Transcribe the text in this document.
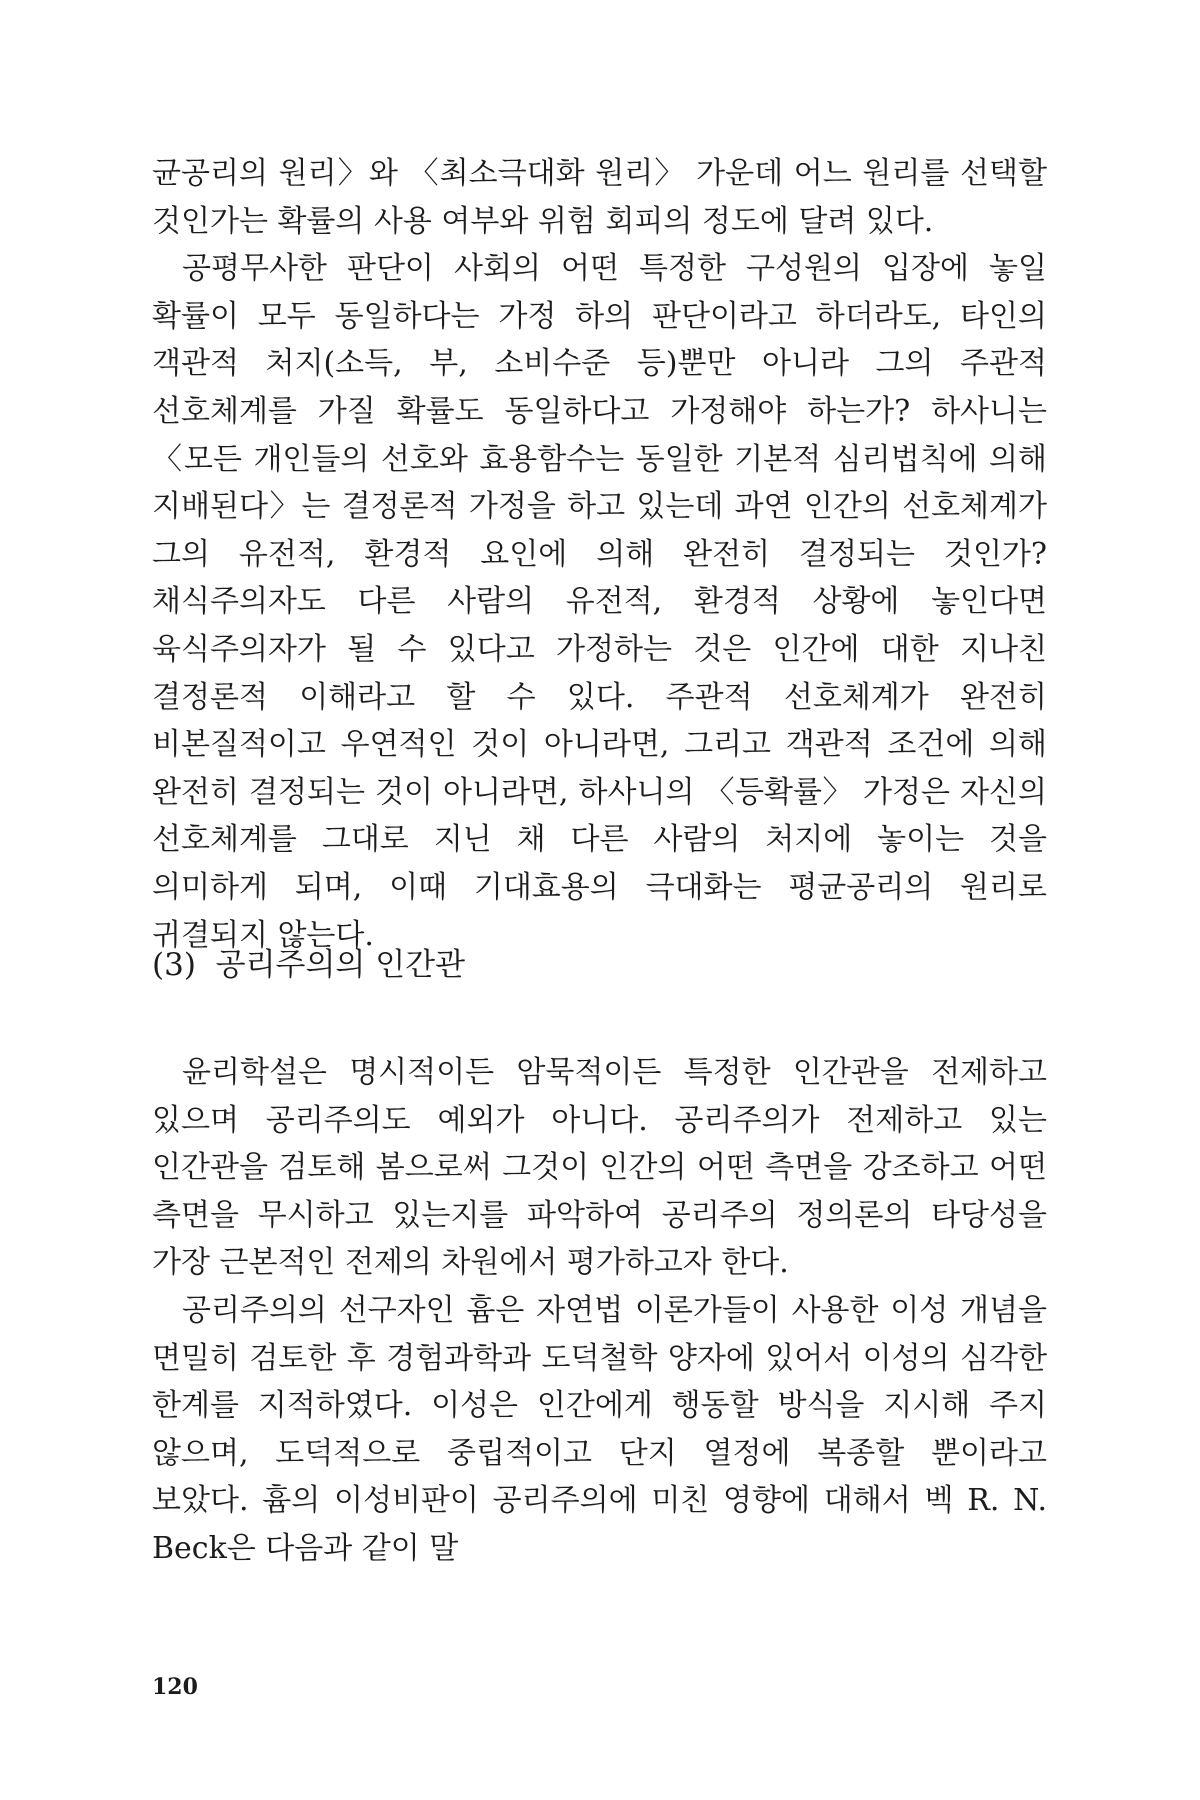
균공리의 원리〉와 〈최소극대화 원리〉 가운데 어느 원리를 선택할 것인가는 확률의 사용 여부와 위험 회피의 정도에 달려 있다.

공평무사한 판단이 사회의 어떤 특정한 구성원의 입장에 놓일 확률이 모두 동일하다는 가정 하의 판단이라고 하더라도, 타인의 객관적 처지(소득, 부, 소비수준 등)뿐만 아니라 그의 주관적 선호체계를 가질 확률도 동일하다고 가정해야 하는가? 하사니는 〈모든 개인들의 선호와 효용함수는 동일한 기본적 심리법칙에 의해 지배된다〉는 결정론적 가정을 하고 있는데 과연 인간의 선호체계가 그의 유전적, 환경적 요인에 의해 완전히 결정되는 것인가? 채식주의자도 다른 사람의 유전적, 환경적 상황에 놓인다면 육식주의자가 될 수 있다고 가정하는 것은 인간에 대한 지나친 결정론적 이해라고 할 수 있다. 주관적 선호체계가 완전히 비본질적이고 우연적인 것이 아니라면, 그리고 객관적 조건에 의해 완전히 결정되는 것이 아니라면, 하사니의 〈등확률〉 가정은 자신의 선호체계를 그대로 지닌 채 다른 사람의 처지에 놓이는 것을 의미하게 되며, 이때 기대효용의 극대화는 평균공리의 원리로 귀결되지 않는다.

(3)  공리주의의 인간관

윤리학설은 명시적이든 암묵적이든 특정한 인간관을 전제하고 있으며 공리주의도 예외가 아니다. 공리주의가 전제하고 있는 인간관을 검토해 봄으로써 그것이 인간의 어떤 측면을 강조하고 어떤 측면을 무시하고 있는지를 파악하여 공리주의 정의론의 타당성을 가장 근본적인 전제의 차원에서 평가하고자 한다.

공리주의의 선구자인 흄은 자연법 이론가들이 사용한 이성 개념을 면밀히 검토한 후 경험과학과 도덕철학 양자에 있어서 이성의 심각한 한계를 지적하였다. 이성은 인간에게 행동할 방식을 지시해 주지 않으며, 도덕적으로 중립적이고 단지 열정에 복종할 뿐이라고 보았다. 흄의 이성비판이 공리주의에 미친 영향에 대해서 벡 R. N. Beck은 다음과 같이 말

120
